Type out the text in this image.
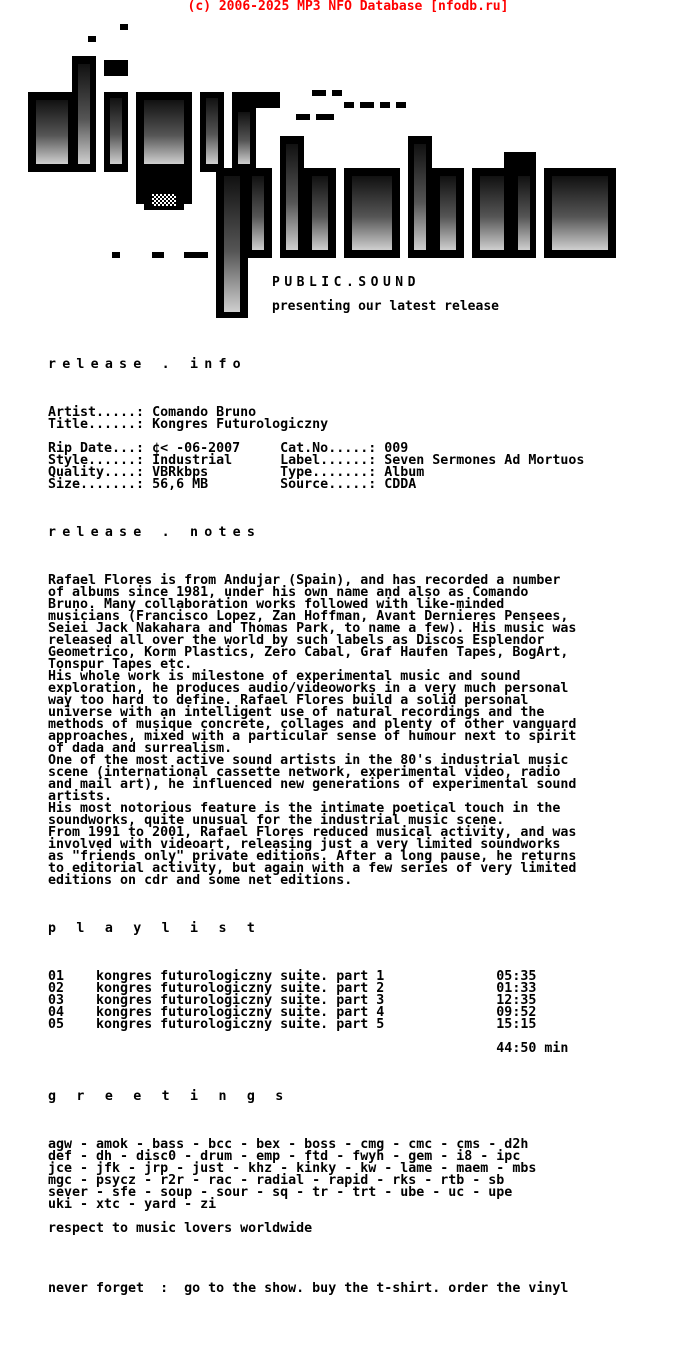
(c) 2006-2025 MP3 NFO Database [nfodb.ru]
PUBLIC.SOUND
presenting our latest release
release . info

Artist.....: Comando Bruno
Title......: Kongres Futurologiczny

Rip Date...: ¢< -06-2007     Cat.No.....: 009
Style......: Industrial      Label......: Seven Sermones Ad Mortuos
Quality....: VBRkbps         Type.......: Album
Size.......: 56,6 MB         Source.....: CDDA

release . notes

Rafael Flores is from Andujar (Spain), and has recorded a number
of albums since 1981, under his own name and also as Comando
Bruno. Many collaboration works followed with like-minded
musicians (Francisco Lopez, Zan Hoffman, Avant Dernieres Pensees,
Seiei Jack Nakahara and Thomas Park, to name a few). His music was
released all over the world by such labels as Discos Esplendor
Geometrico, Korm Plastics, Zero Cabal, Graf Haufen Tapes, BogArt,
Tonspur Tapes etc.
His whole work is milestone of experimental music and sound
exploration, he produces audio/videoworks in a very much personal
way too hard to define. Rafael Flores build a solid personal
universe with an intelligent use of natural recordings and the
methods of musique concrete, collages and plenty of other vanguard
approaches, mixed with a particular sense of humour next to spirit
of dada and surrealism.
One of the most active sound artists in the 80's industrial music
scene (international cassette network, experimental video, radio
and mail art), he influenced new generations of experimental sound
artists.
His most notorious feature is the intimate poetical touch in the
soundworks, quite unusual for the industrial music scene.
From 1991 to 2001, Rafael Flores reduced musical activity, and was
involved with videoart, releasing just a very limited soundworks
as "friends only" private editions. After a long pause, he returns
to editorial activity, but again with a few series of very limited
editions on cdr and some net editions.

p l a y l i s t

01    kongres futurologiczny suite. part 1              05:35
02    kongres futurologiczny suite. part 2              01:33
03    kongres futurologiczny suite. part 3              12:35
04    kongres futurologiczny suite. part 4              09:52
05    kongres futurologiczny suite. part 5              15:15

44:50 min

g r e e t i n g s

agw - amok - bass - bcc - bex - boss - cmg - cmc - cms - d2h
def - dh - disc0 - drum - emp - ftd - fwyh - gem - i8 - ipc
jce - jfk - jrp - just - khz - kinky - kw - lame - maem - mbs
mgc - psycz - r2r - rac - radial - rapid - rks - rtb - sb
sever - sfe - soup - sour - sq - tr - trt - ube - uc - upe
uki - xtc - yard - zi

respect to music lovers worldwide

never forget  :  go to the show. buy the t-shirt. order the vinyl
